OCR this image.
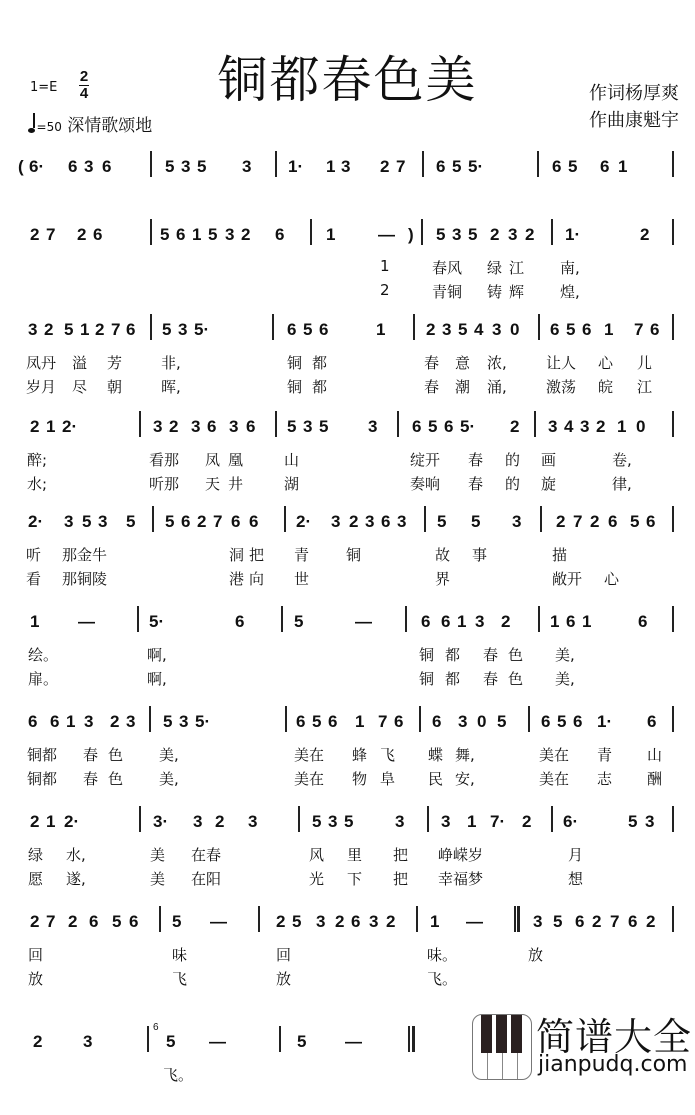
铜都春色美
1=E
2
4
=50 深情歌颂地
作词杨厚爽
作曲康魁宇
( 6· 6 3 6	5 3 5 3 1· 1 3 2 7 6 5 5·	6 5 6 1
2 7 2 6	5 6 1 5 3 2 6 1	— ) 5 3 5 2 3 2 1·	2
1	春风 绿 江 南,
2	青铜 铸 辉 煌,
3 2 5 1 2 7 6 5 3 5·	6 5 6	1 2 3 5 4 3 0 6 5 6 1 7 6
凤丹 溢 芳	非,	铜 都	春 意 浓,	让人 心 儿
岁月 尽 朝	晖,	铜 都	春 潮 涌,	激荡 皖 江
2 1 2·	3 2 3 6 3 6 5 3 5 3 6 5 6 5· 2 3 4 3 2 1 0
醉;	看那 凤 凰	山	绽开 春 的 画	卷,
水;	听那 天 井	湖	奏响 春 的 旋	律,
2· 3 5 3 5 5 6 2 7 6 6 2· 3 2 3 6 3 5 5 3 2 7 2 6 5 6
听 那金牛	洞 把 青 铜	故 事	描
看 那铜陵	港 向 世	界	敞开 心
1 —	5·	6	5	—	6 6 1 3 2 1 6 1	6
绘。	啊,	铜 都 春 色 美,
扉。	啊,	铜 都 春 色 美,
6 6 1 3 2 3 5 3 5·	6 5 6 1 7 6 6 3 0 5 6 5 6 1· 6
铜都 春 色 美,	美在 蜂 飞 蝶 舞,	美在 青 山
铜都 春 色 美,	美在 物 阜 民 安,	美在 志 酬
2 1 2·	3· 3 2 3	5 3 5 3 3 1 7· 2 6·	5 3
绿 水,	美 在春	风 里 把 峥嵘岁	月
愿 遂,	美 在阳	光 下 把 幸福梦	想
2 7 2 6 5 6 5 —	2 5 3 2 6 3 2 1 —	3 5 6 2 7 6 2
回	味	回	味。	放
放	飞	放	飞。
2 3	5 —	5 —
6
飞。
简谱大全
jianpudq.com
